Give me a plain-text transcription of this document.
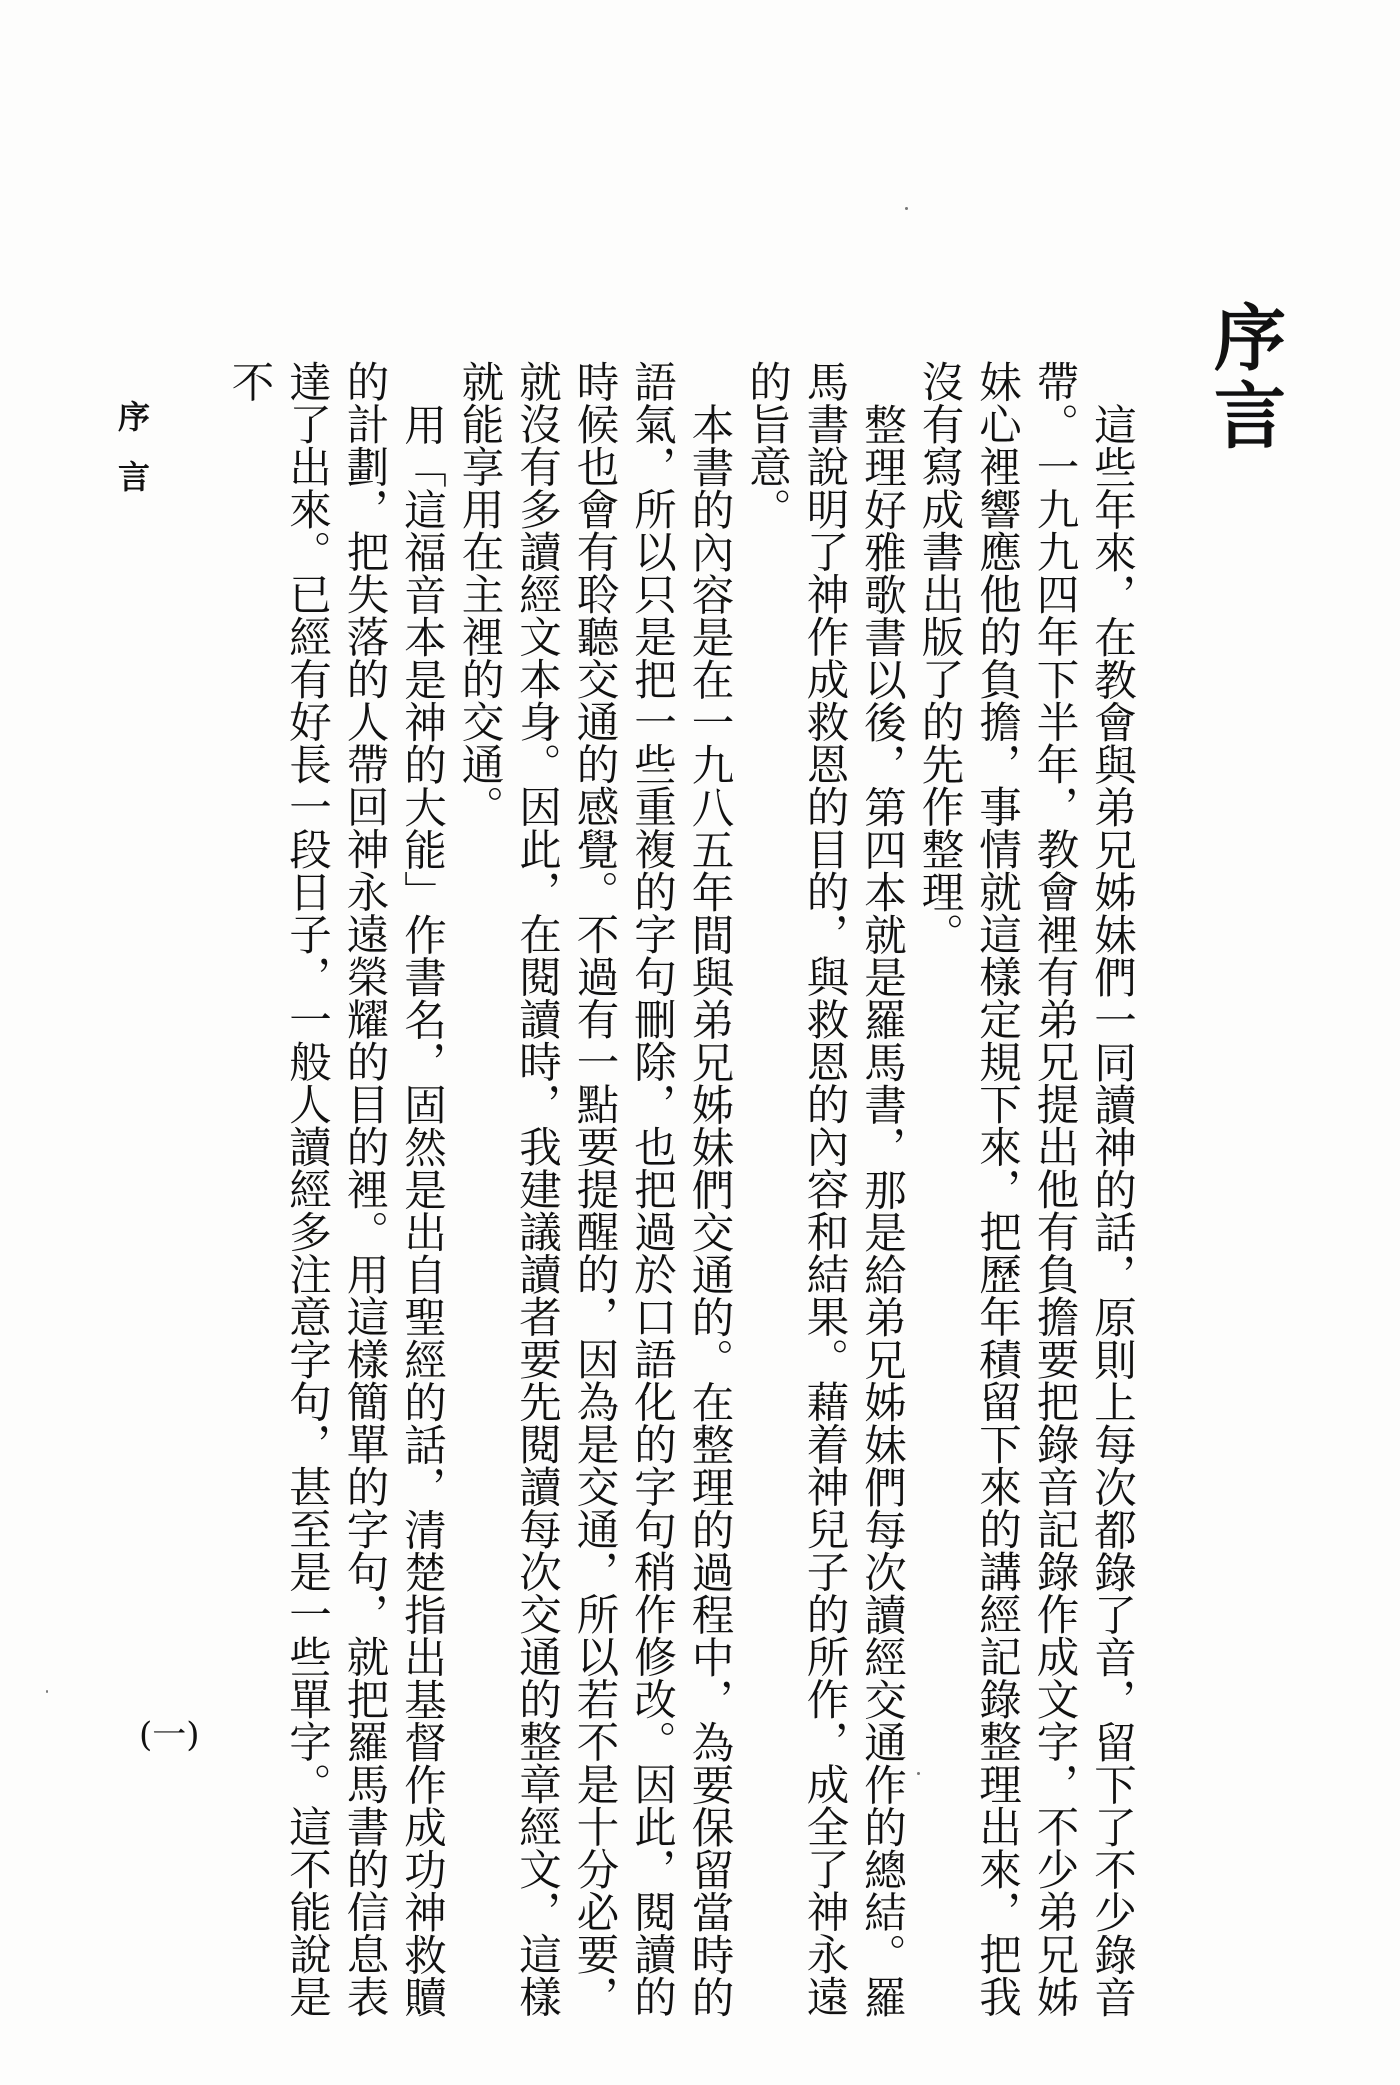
序言

這些年來，在教會與弟兄姊妹們一同讀神的話，原則上每次都錄了音，留下了不少錄音帶。一九九四年下半年，教會裡有弟兄提出他有負擔要把錄音記錄作成文字，不少弟兄姊妹心裡響應他的負擔，事情就這樣定規下來，把歷年積留下來的講經記錄整理出來，把我沒有寫成書出版了的先作整理。

整理好雅歌書以後，第四本就是羅馬書，那是給弟兄姊妹們每次讀經交通作的總結。羅馬書說明了神作成救恩的目的，與救恩的內容和結果。藉着神兒子的所作，成全了神永遠的旨意。

本書的內容是在一九八五年間與弟兄姊妹們交通的。在整理的過程中，為要保留當時的語氣，所以只是把一些重複的字句刪除，也把過於口語化的字句稍作修改。因此，閱讀的時候也會有聆聽交通的感覺。不過有一點要提醒的，因為是交通，所以若不是十分必要，就沒有多讀經文本身。因此，在閱讀時，我建議讀者要先閱讀每次交通的整章經文，這樣就能享用在主裡的交通。

用「這福音本是神的大能」作書名，固然是出自聖經的話，清楚指出基督作成功神救贖的計劃，把失落的人帶回神永遠榮耀的目的裡。用這樣簡單的字句，就把羅馬書的信息表達了出來。已經有好長一段日子，一般人讀經多注意字句，甚至是一些單字。這不能說是不

序言
(一)
